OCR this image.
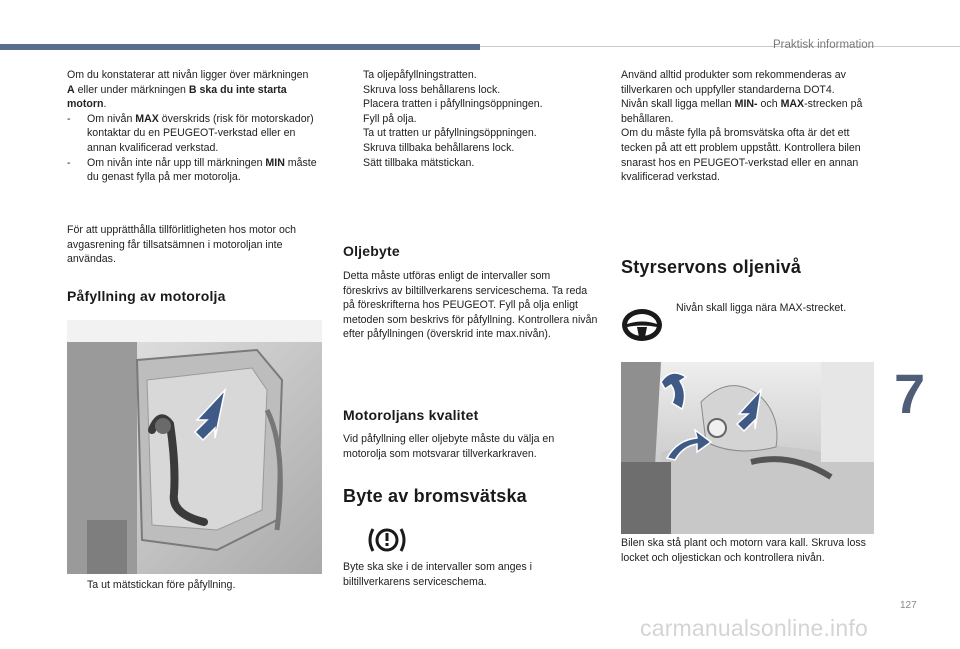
Praktisk information

Om du konstaterar att nivån ligger över märkningen A eller under märkningen B ska du inte starta motorn.

- Om nivån MAX överskrids (risk för motorskador) kontaktar du en PEUGEOT-verkstad eller en annan kvalificerad verkstad.

- Om nivån inte når upp till märkningen MIN måste du genast fylla på mer motorolja.

För att upprätthålla tillförlitligheten hos motor och avgasrening får tillsatsämnen i motoroljan inte användas.
Påfyllning av motorolja
Ta ut mätstickan före påfyllning.

Ta oljepåfyllningstratten.

Skruva loss behållarens lock.

Placera tratten i påfyllningsöppningen.

Fyll på olja.

Ta ut tratten ur påfyllningsöppningen.

Skruva tillbaka behållarens lock.

Sätt tillbaka mätstickan.

Oljebyte
Detta måste utföras enligt de intervaller som föreskrivs av biltillverkarens serviceschema. Ta reda på föreskrifterna hos PEUGEOT. Fyll på olja enligt metoden som beskrivs för påfyllning. Kontrollera nivån efter påfyllningen (överskrid inte max.nivån).
Motoroljans kvalitet
Vid påfyllning eller oljebyte måste du välja en motorolja som motsvarar tillverkarkraven.
Byte av bromsvätska
Byte ska ske i de intervaller som anges i biltillverkarens serviceschema.

Använd alltid produkter som rekommenderas av tillverkaren och uppfyller standarderna DOT4.

Nivån skall ligga mellan MIN- och MAX-strecken på behållaren.

Om du måste fylla på bromsvätska ofta är det ett tecken på att ett problem uppstått. Kontrollera bilen snarast hos en PEUGEOT-verkstad eller en annan kvalificerad verkstad.

Styrservons oljenivå
Nivån skall ligga nära MAX-strecket.
Bilen ska stå plant och motorn vara kall. Skruva loss locket och oljestickan och kontrollera nivån.
7
127
carmanualsonline.info
